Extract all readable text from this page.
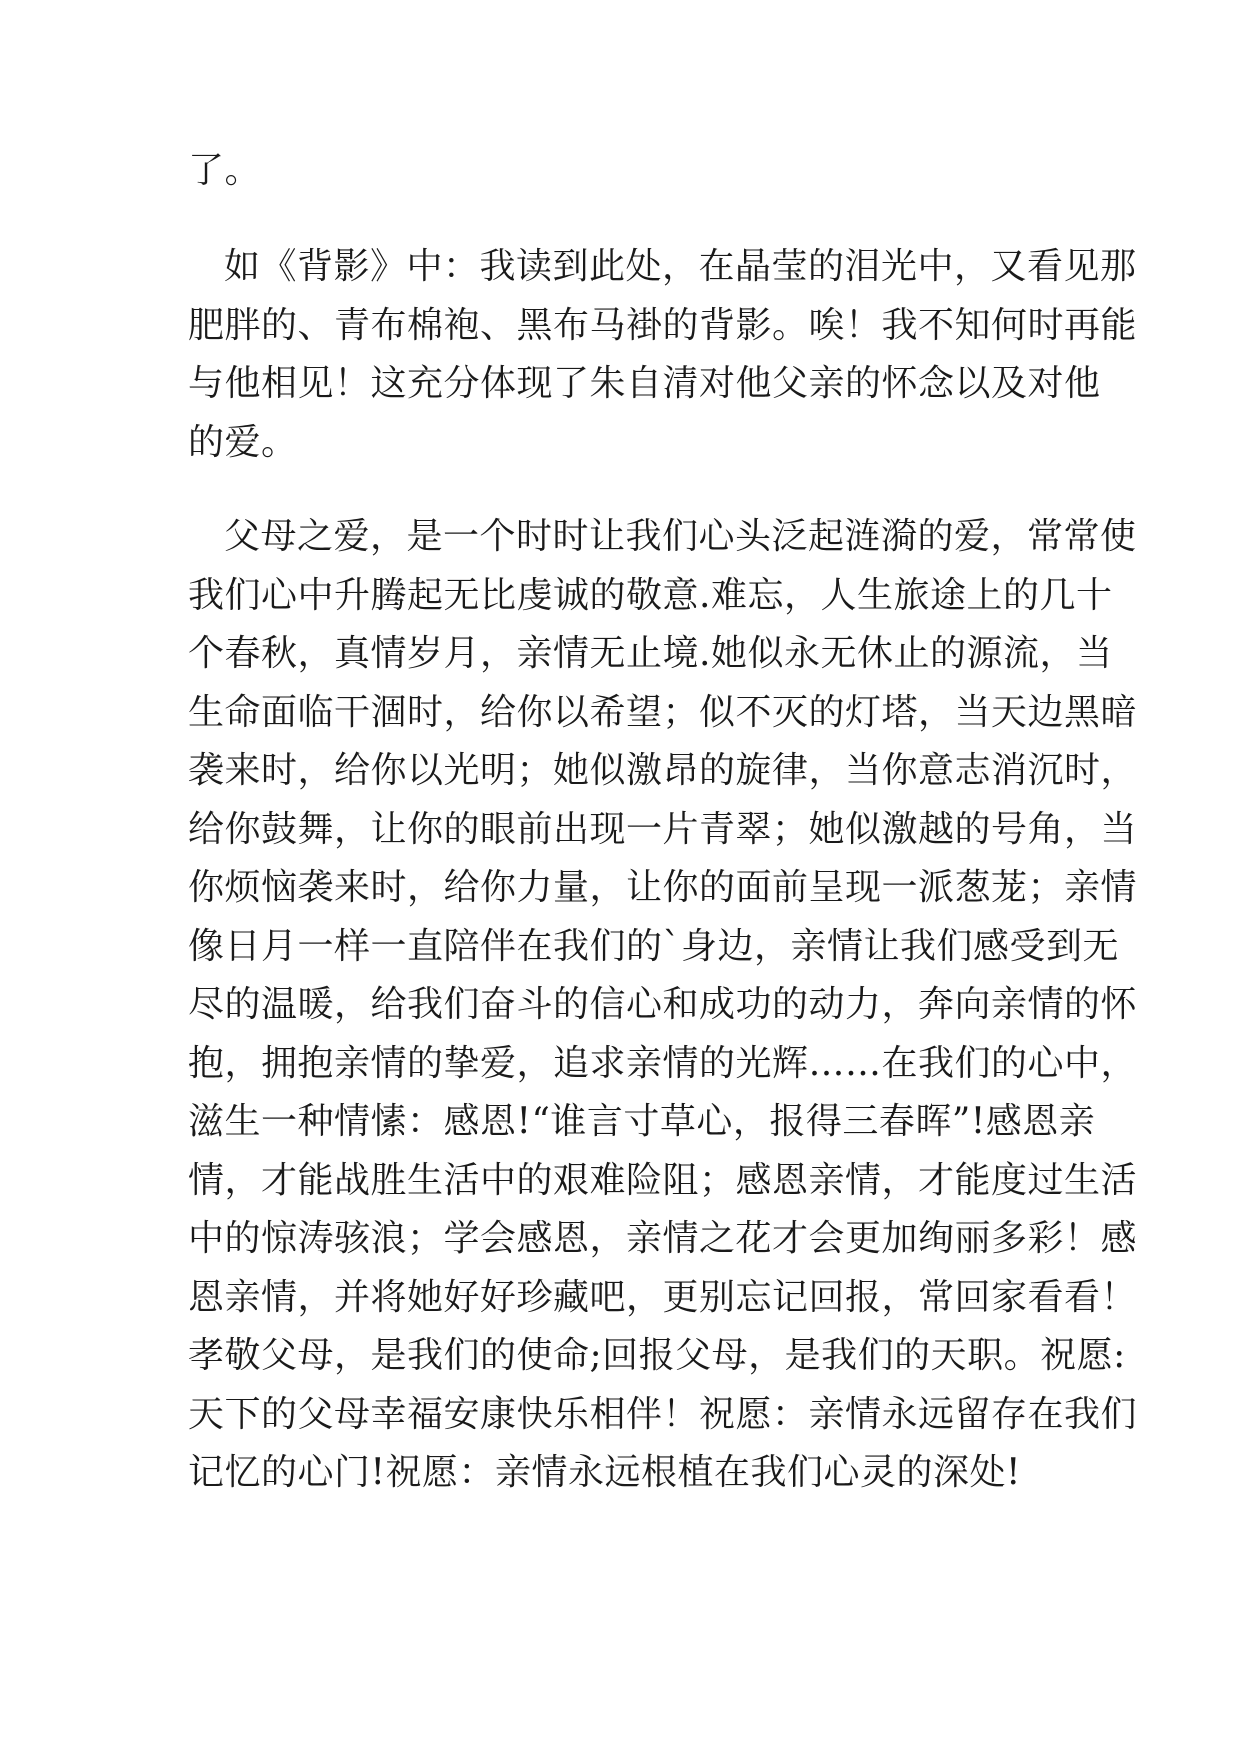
了。
如《背影》中：我读到此处，在晶莹的泪光中，又看见那
肥胖的、青布棉袍、黑布马褂的背影。唉！我不知何时再能
与他相见！这充分体现了朱自清对他父亲的怀念以及对他
的爱。
父母之爱，是一个时时让我们心头泛起涟漪的爱，常常使
我们心中升腾起无比虔诚的敬意.难忘，人生旅途上的几十
个春秋，真情岁月，亲情无止境.她似永无休止的源流，当
生命面临干涸时，给你以希望；似不灭的灯塔，当天边黑暗
袭来时，给你以光明；她似激昂的旋律，当你意志消沉时，
给你鼓舞，让你的眼前出现一片青翠；她似激越的号角，当
你烦恼袭来时，给你力量，让你的面前呈现一派葱茏；亲情
像日月一样一直陪伴在我们的`身边，亲情让我们感受到无
尽的温暖，给我们奋斗的信心和成功的动力，奔向亲情的怀
抱，拥抱亲情的挚爱，追求亲情的光辉……在我们的心中，
滋生一种情愫：感恩!“谁言寸草心，报得三春晖”!感恩亲
情，才能战胜生活中的艰难险阻；感恩亲情，才能度过生活
中的惊涛骇浪；学会感恩，亲情之花才会更加绚丽多彩！感
恩亲情，并将她好好珍藏吧，更别忘记回报，常回家看看！
孝敬父母，是我们的使命;回报父母，是我们的天职。祝愿:
天下的父母幸福安康快乐相伴！祝愿：亲情永远留存在我们
记忆的心门!祝愿：亲情永远根植在我们心灵的深处!
